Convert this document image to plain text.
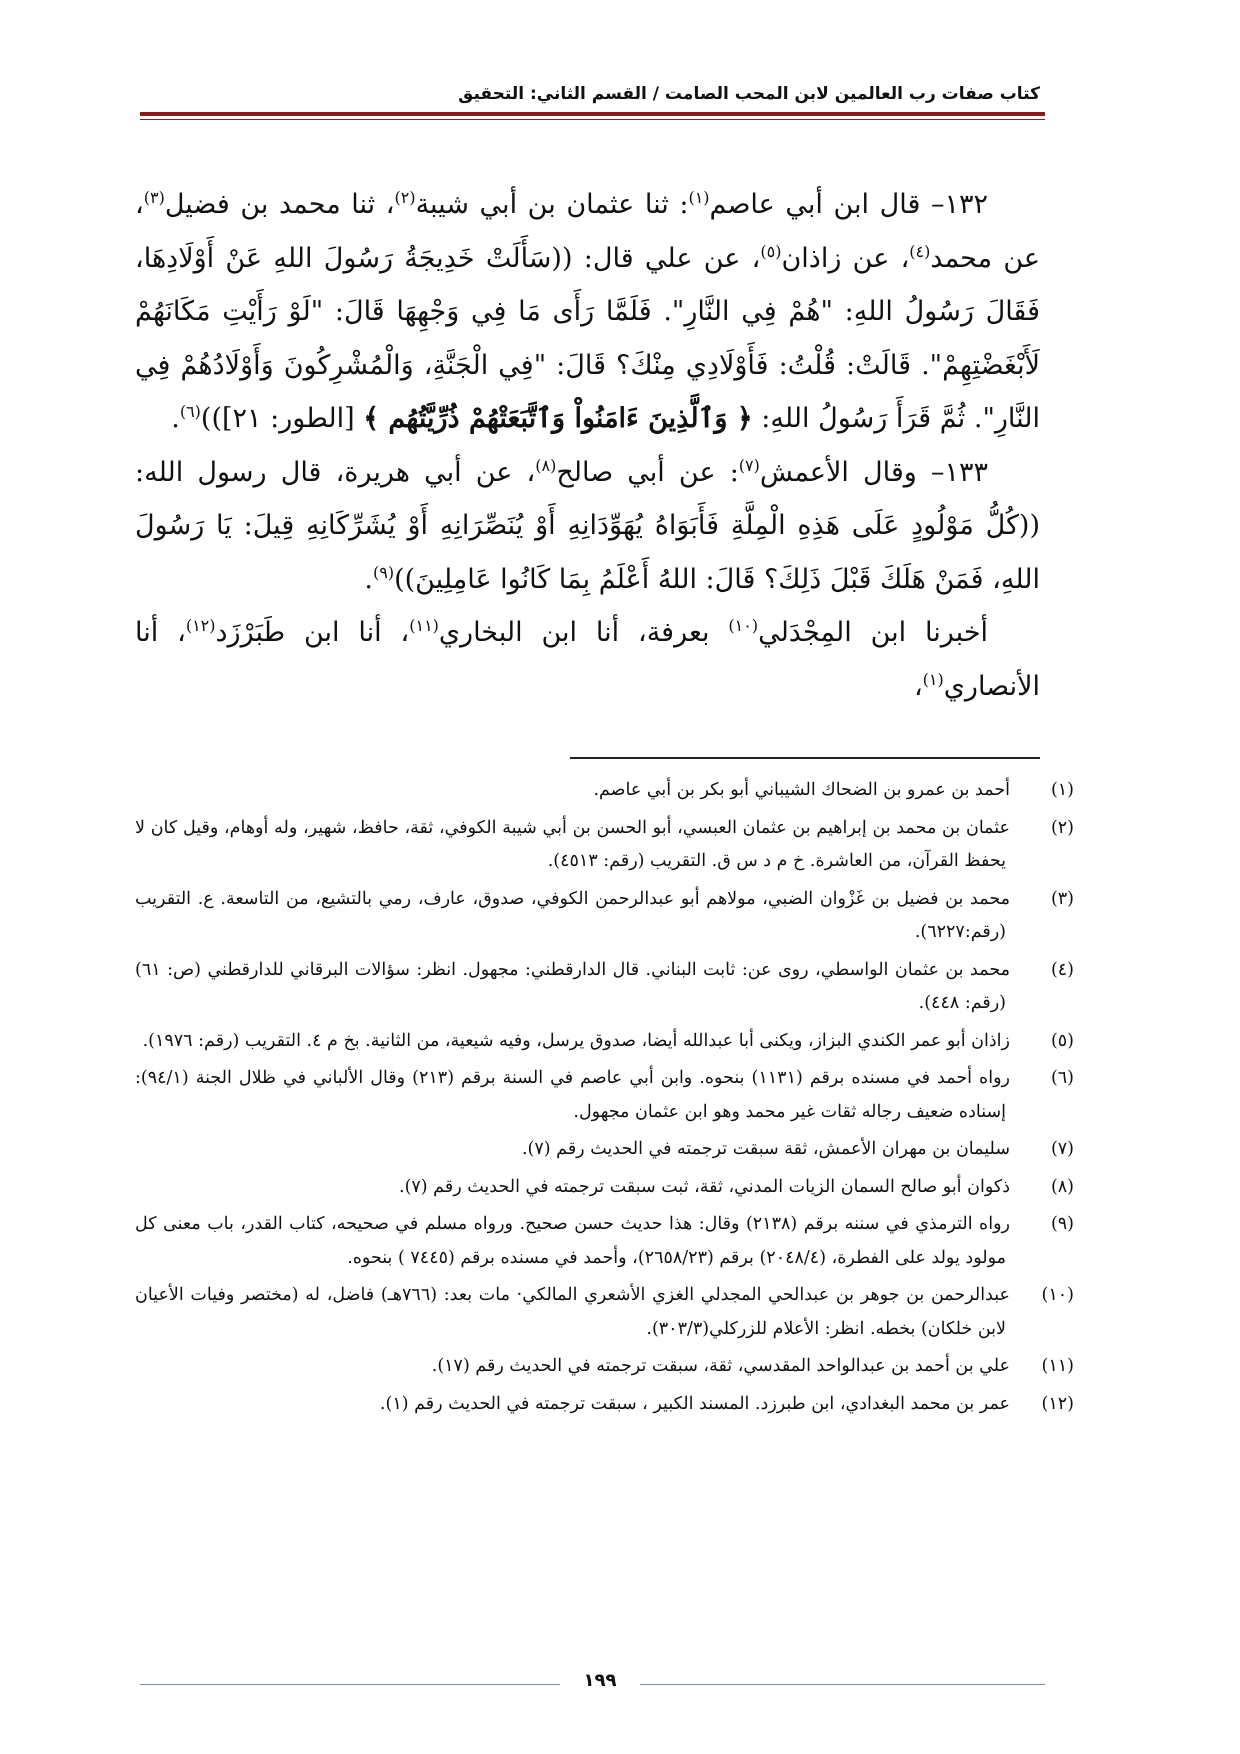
كتاب صفات رب العالمين لابن المحب الصامت / القسم الثاني: التحقيق

١٣٢– قال ابن أبي عاصم$^{(١)}$: ثنا عثمان بن أبي شيبة$^{(٢)}$، ثنا محمد بن فضيل$^{(٣)}$، عن محمد$^{(٤)}$، عن زاذان$^{(٥)}$، عن علي قال: ((سَأَلَتْ خَدِيجَةُ رَسُولَ اللهِ عَنْ أَوْلَادِهَا، فَقَالَ رَسُولُ اللهِ: "هُمْ فِي النَّارِ". فَلَمَّا رَأَى مَا فِي وَجْهِهَا قَالَ: "لَوْ رَأَيْتِ مَكَانَهُمْ لَأَبْغَضْتِهِمْ". قَالَتْ: قُلْتُ: فَأَوْلَادِي مِنْكَ؟ قَالَ: "فِي الْجَنَّةِ، وَالْمُشْرِكُونَ وَأَوْلَادُهُمْ فِي النَّارِ". ثُمَّ قَرَأَ رَسُولُ اللهِ: ﴿ وَٱلَّذِينَ ءَامَنُواْ وَٱتَّبَعَتْهُمْ ذُرِّيَّتُهُم ﴾ [الطور: ٢١]))$^{(٦)}$.

١٣٣– وقال الأعمش$^{(٧)}$: عن أبي صالح$^{(٨)}$، عن أبي هريرة، قال رسول الله: ((كُلُّ مَوْلُودٍ عَلَى هَذِهِ الْمِلَّةِ فَأَبَوَاهُ يُهَوِّدَانِهِ أَوْ يُنَصِّرَانِهِ أَوْ يُشَرِّكَانِهِ قِيلَ: يَا رَسُولَ اللهِ، فَمَنْ هَلَكَ قَبْلَ ذَلِكَ؟ قَالَ: اللهُ أَعْلَمُ بِمَا كَانُوا عَامِلِينَ))$^{(٩)}$.

أخبرنا ابن المِجْدَلي$^{(١٠)}$ بعرفة، أنا ابن البخاري$^{(١١)}$، أنا ابن طَبَرْزَد$^{(١٢)}$، أنا الأنصاري$^{(١)}$،

(١)أحمد بن عمرو بن الضحاك الشيباني أبو بكر بن أبي عاصم.

(٢)عثمان بن محمد بن إبراهيم بن عثمان العبسي، أبو الحسن بن أبي شيبة الكوفي، ثقة، حافظ، شهير، وله أوهام، وقيل كان لا يحفظ القرآن، من العاشرة. خ م د س ق. التقريب (رقم: ٤٥١٣).

(٣)محمد بن فضيل بن غَزْوان الضبي، مولاهم أبو عبدالرحمن الكوفي، صدوق، عارف، رمي بالتشيع، من التاسعة. ع. التقريب (رقم:٦٢٢٧).

(٤)محمد بن عثمان الواسطي، روى عن: ثابت البناني. قال الدارقطني: مجهول. انظر: سؤالات البرقاني للدارقطني (ص: ٦١) (رقم: ٤٤٨).

(٥)زاذان أبو عمر الكندي البزاز، ويكنى أبا عبدالله أيضا، صدوق يرسل، وفيه شيعية، من الثانية. بخ م ٤. التقريب (رقم: ١٩٧٦).

(٦)رواه أحمد في مسنده برقم (١١٣١) بنحوه. وابن أبي عاصم في السنة برقم (٢١٣) وقال الألباني في ظلال الجنة (٩٤/١): إسناده ضعيف رجاله ثقات غير محمد وهو ابن عثمان مجهول.

(٧)سليمان بن مهران الأعمش، ثقة سبقت ترجمته في الحديث رقم (٧).

(٨)ذكوان أبو صالح السمان الزيات المدني، ثقة، ثبت سبقت ترجمته في الحديث رقم (٧).

(٩)رواه الترمذي في سننه برقم (٢١٣٨) وقال: هذا حديث حسن صحيح. ورواه مسلم في صحيحه، كتاب القدر، باب معنى كل مولود يولد على الفطرة، (٢٠٤٨/٤) برقم (٢٦٥٨/٢٣)، وأحمد في مسنده برقم (٧٤٤٥ ) بنحوه.

(١٠)عبدالرحمن بن جوهر بن عبدالحي المجدلي الغزي الأشعري المالكي· مات بعد: (٧٦٦هـ) فاضل، له (مختصر وفيات الأعيان لابن خلكان) بخطه. انظر: الأعلام للزركلي(٣٠٣/٣).

(١١)علي بن أحمد بن عبدالواحد المقدسي، ثقة، سبقت ترجمته في الحديث رقم (١٧).

(١٢)عمر بن محمد البغدادي، ابن طبرزد. المسند الكبير ، سبقت ترجمته في الحديث رقم (١).

١٩٩
